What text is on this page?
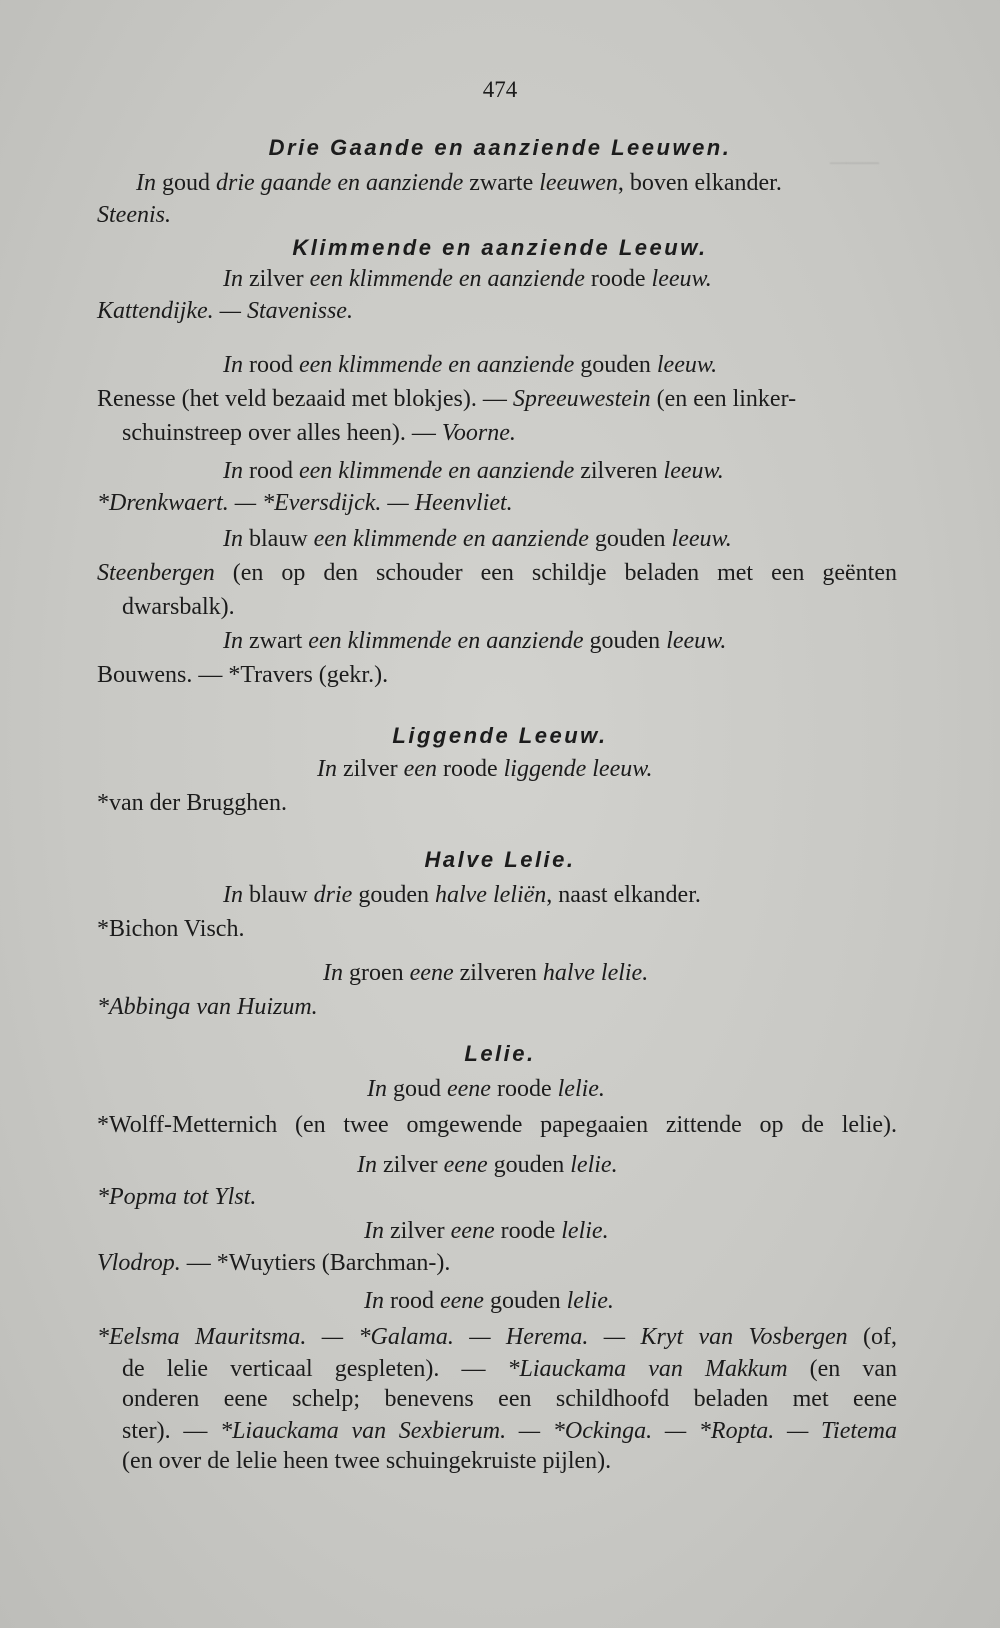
───

474

Drie Gaande en aanziende Leeuwen.

In goud drie gaande en aanziende zwarte leeuwen, boven elkander.

Steenis.

Klimmende en aanziende Leeuw.

In zilver een klimmende en aanziende roode leeuw.

Kattendijke. — Stavenisse.

In rood een klimmende en aanziende gouden leeuw.

Renesse (het veld bezaaid met blokjes). — Spreeuwestein (en een linker-

schuinstreep over alles heen). — Voorne.

In rood een klimmende en aanziende zilveren leeuw.

*Drenkwaert. — *Eversdijck. — Heenvliet.

In blauw een klimmende en aanziende gouden leeuw.

Steenbergen (en op den schouder een schildje beladen met een geënten

dwarsbalk).

In zwart een klimmende en aanziende gouden leeuw.

Bouwens. — *Travers (gekr.).

Liggende Leeuw.

In zilver een roode liggende leeuw.

*van der Brugghen.

Halve Lelie.

In blauw drie gouden halve leliën, naast elkander.

*Bichon Visch.

In groen eene zilveren halve lelie.

*Abbinga van Huizum.

Lelie.

In goud eene roode lelie.

*Wolff-Metternich (en twee omgewende papegaaien zittende op de lelie).

In zilver eene gouden lelie.

*Popma tot Ylst.

In zilver eene roode lelie.

Vlodrop. — *Wuytiers (Barchman-).

In rood eene gouden lelie.

*Eelsma Mauritsma. — *Galama. — Herema. — Kryt van Vosbergen (of,

de lelie verticaal gespleten). — *Liauckama van Makkum (en van

onderen eene schelp; benevens een schildhoofd beladen met eene

ster). — *Liauckama van Sexbierum. — *Ockinga. — *Ropta. — Tietema

(en over de lelie heen twee schuingekruiste pijlen).
